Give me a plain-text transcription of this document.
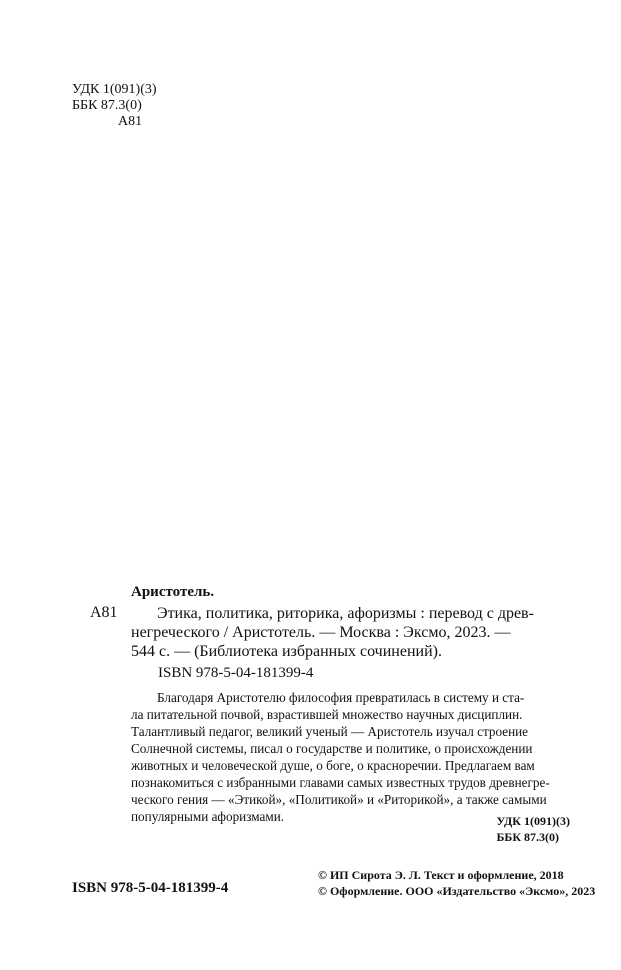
УДК 1(091)(3)
ББК 87.3(0)
А81
Аристотель.
А81	Этика, политика, риторика, афоризмы : перевод с древ-
негреческого / Аристотель. — Москва : Эксмо, 2023. —
544 с. — (Библиотека избранных сочинений).
ISBN 978-5-04-181399-4
Благодаря Аристотелю философия превратилась в систему и ста-
ла питательной почвой, взрастившей множество научных дисциплин.
Талантливый педагог, великий ученый — Аристотель изучал строение
Солнечной системы, писал о государстве и политике, о происхождении
животных и человеческой душе, о боге, о красноречии. Предлагаем вам
познакомиться с избранными главами самых известных трудов древнегре-
ческого гения — «Этикой», «Политикой» и «Риторикой», а также самыми
популярными афоризмами.	УДК 1(091)(3)
ББК 87.3(0)
© ИП Сирота Э. Л. Текст и оформление, 2018
© Оформление. ООО «Издательство «Эксмо», 2023
ISBN 978-5-04-181399-4
